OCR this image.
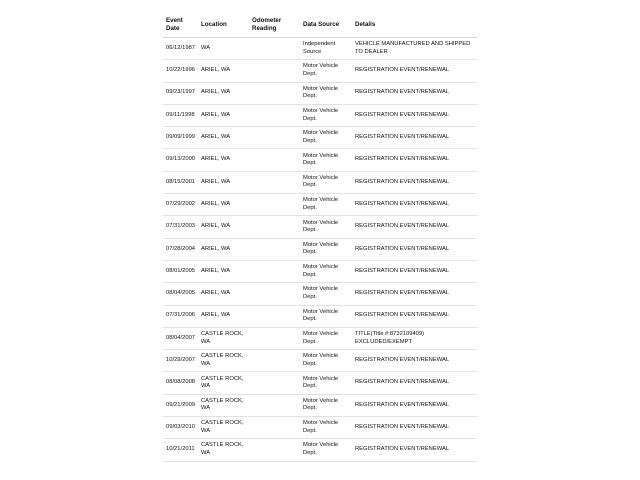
Event Date	Location	Odometer Reading	Data Source	Details
06/12/1987	WA		Independent Source	VEHICLE MANUFACTURED AND SHIPPED TO DEALER
10/22/1996	ARIEL, WA		Motor Vehicle Dept.	REGISTRATION EVENT/RENEWAL
09/23/1997	ARIEL, WA		Motor Vehicle Dept.	REGISTRATION EVENT/RENEWAL
09/11/1998	ARIEL, WA		Motor Vehicle Dept.	REGISTRATION EVENT/RENEWAL
09/09/1999	ARIEL, WA		Motor Vehicle Dept.	REGISTRATION EVENT/RENEWAL
09/13/2000	ARIEL, WA		Motor Vehicle Dept.	REGISTRATION EVENT/RENEWAL
08/15/2001	ARIEL, WA		Motor Vehicle Dept.	REGISTRATION EVENT/RENEWAL
07/29/2002	ARIEL, WA		Motor Vehicle Dept.	REGISTRATION EVENT/RENEWAL
07/31/2003	ARIEL, WA		Motor Vehicle Dept.	REGISTRATION EVENT/RENEWAL
07/28/2004	ARIEL, WA		Motor Vehicle Dept.	REGISTRATION EVENT/RENEWAL
08/01/2005	ARIEL, WA		Motor Vehicle Dept.	REGISTRATION EVENT/RENEWAL
08/04/2005	ARIEL, WA		Motor Vehicle Dept.	REGISTRATION EVENT/RENEWAL
07/31/2006	ARIEL, WA		Motor Vehicle Dept.	REGISTRATION EVENT/RENEWAL
08/04/2007	CASTLE ROCK, WA		Motor Vehicle Dept.	TITLE(Title #:8732109409) EXCLUDED/EXEMPT
10/29/2007	CASTLE ROCK, WA		Motor Vehicle Dept.	REGISTRATION EVENT/RENEWAL
08/08/2008	CASTLE ROCK, WA		Motor Vehicle Dept.	REGISTRATION EVENT/RENEWAL
09/21/2009	CASTLE ROCK, WA		Motor Vehicle Dept.	REGISTRATION EVENT/RENEWAL
09/03/2010	CASTLE ROCK, WA		Motor Vehicle Dept.	REGISTRATION EVENT/RENEWAL
10/21/2011	CASTLE ROCK, WA		Motor Vehicle Dept.	REGISTRATION EVENT/RENEWAL
